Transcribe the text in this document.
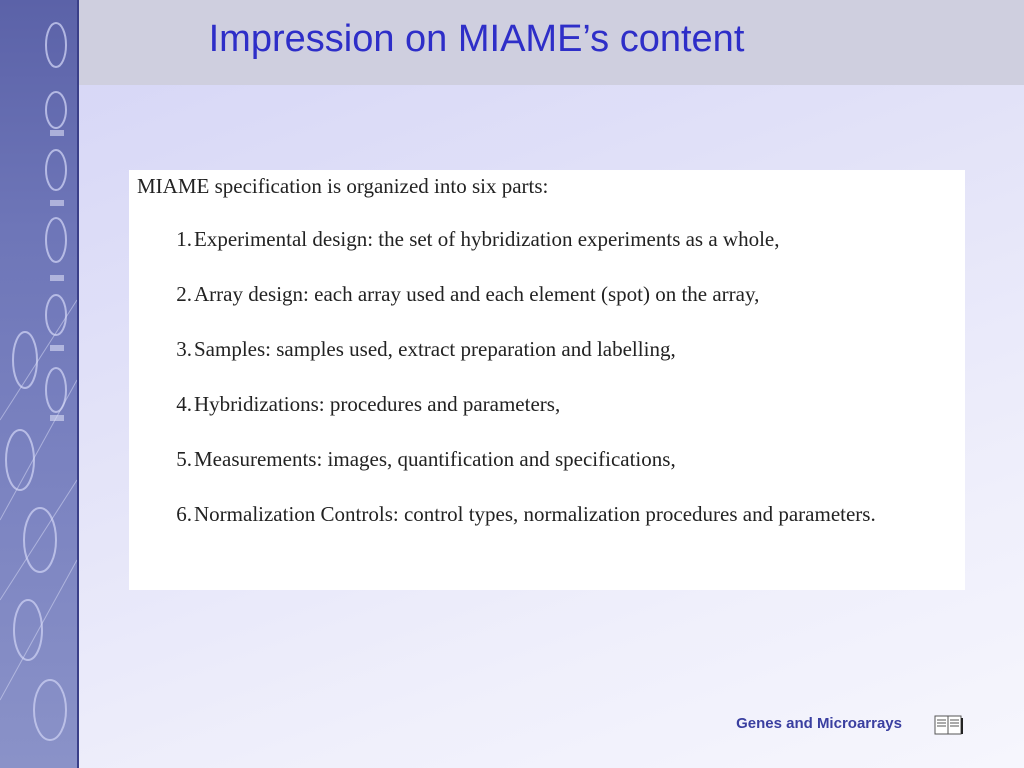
Impression on MIAME’s content

MIAME specification is organized into six parts:

1. Experimental design: the set of hybridization experiments as a whole,
2. Array design: each array used and each element (spot) on the array,
3. Samples: samples used, extract preparation and labelling,
4. Hybridizations: procedures and parameters,
5. Measurements: images, quantification and specifications,
6. Normalization Controls: control types, normalization procedures and parameters.
Genes and Microarrays
